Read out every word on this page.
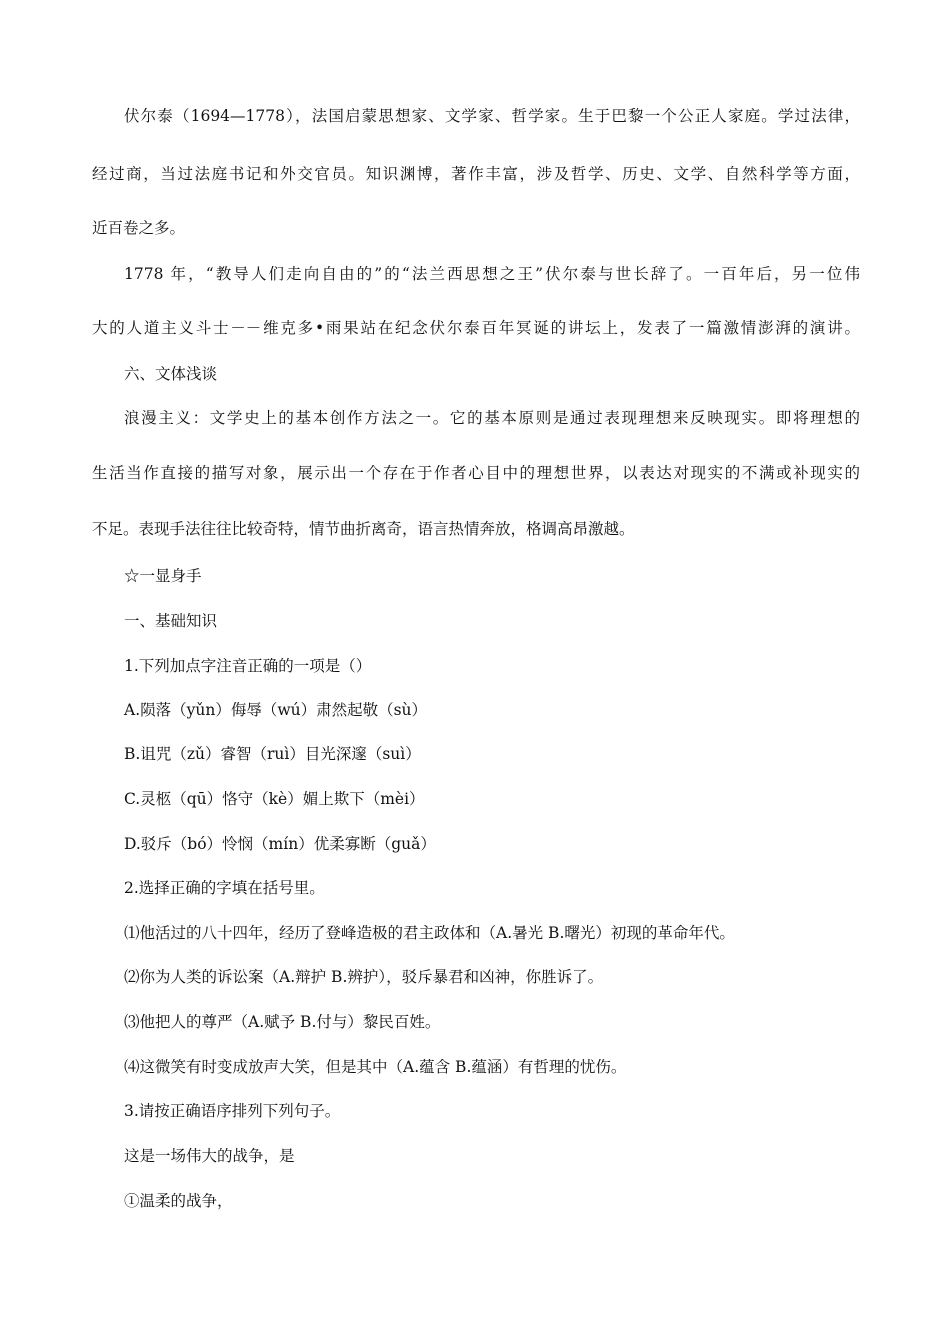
伏尔泰（1694—1778），法国启蒙思想家、文学家、哲学家。生于巴黎一个公正人家庭。学过法律，
经过商，当过法庭书记和外交官员。知识渊博，著作丰富，涉及哲学、历史、文学、自然科学等方面，
近百卷之多。
1778 年，“教导人们走向自由的”的“法兰西思想之王”伏尔泰与世长辞了。一百年后，另一位伟
大的人道主义斗士－－维克多•雨果站在纪念伏尔泰百年冥诞的讲坛上，发表了一篇激情澎湃的演讲。
六、文体浅谈
浪漫主义：文学史上的基本创作方法之一。它的基本原则是通过表现理想来反映现实。即将理想的
生活当作直接的描写对象，展示出一个存在于作者心目中的理想世界，以表达对现实的不满或补现实的
不足。表现手法往往比较奇特，情节曲折离奇，语言热情奔放，格调高昂激越。
☆一显身手
一、基础知识
1.下列加点字注音正确的一项是（）
A.陨落（yǔn）侮辱（wú）肃然起敬（sù）
B.诅咒（zǔ）睿智（ruì）目光深邃（suì）
C.灵柩（qū）恪守（kè）媚上欺下（mèi）
D.驳斥（bó）怜悯（mín）优柔寡断（guǎ）
2.选择正确的字填在括号里。
⑴他活过的八十四年，经历了登峰造极的君主政体和（A.暑光 B.曙光）初现的革命年代。
⑵你为人类的诉讼案（A.辩护 B.辨护），驳斥暴君和凶神，你胜诉了。
⑶他把人的尊严（A.赋予 B.付与）黎民百姓。
⑷这微笑有时变成放声大笑，但是其中（A.蕴含 B.蕴涵）有哲理的忧伤。
3.请按正确语序排列下列句子。
这是一场伟大的战争，是
①温柔的战争，
